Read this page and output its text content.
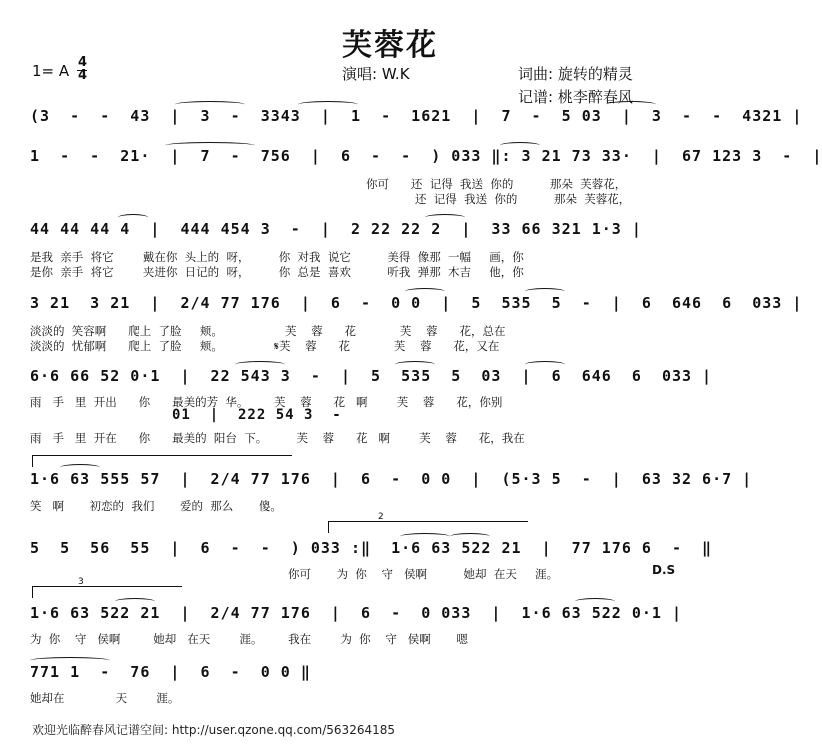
芙蓉花
1= A 4
4	演唱: W.K	词曲: 旋转的精灵
记谱: 桃李醉春风
(3  -  -  43  |  3  -  3343  |  1  -  1621  |  7  -  5 03  |  3  -  -  4321 |
1  -  -  21·  |  7  -  756  |  6  -  -  ) 033 ‖: 3 21 73 33·  |  67 123 3  -  |
你可      还  记得  我送  你的          那朵  芙蓉花，
还  记得  我送  你的          那朵  芙蓉花，
44 44 44 4  |  444 454 3  -  |  2 22 22 2  |  33 66 321 1·3 |
是我  亲手  将它        戴在你  头上的  呀，        你  对我  说它          美得  像那  一幅     画，你
是你  亲手  将它        夹进你  日记的  呀，        你  总是  喜欢          听我  弹那  木吉     他，你
3 21  3 21  |  2/4 77 176  |  6  -  0 0  |  5  535  5  -  |  6  646  6  033 |
淡淡的  笑容啊      爬上  了脸     颊。                 芙    蓉      花            芙    蓉      花，总在
淡淡的  忧郁啊      爬上  了脸     颊。              𝄋芙    蓉      花            芙    蓉      花，又在
6·6 66 52 0·1  |  22 543 3  -  |  5  535  5  03  |  6  646  6  033 |
雨   手   里  开出      你      最美的芳  华。       芙    蓉      花   啊        芙    蓉      花，你别
01  |  222 54 3  -
雨   手   里  开在      你      最美的  阳台  下。        芙    蓉      花   啊        芙    蓉      花，我在
1·6 63 555 57  |  2/4 77 176  |  6  -  0 0  |  (5·3 5  -  |  63 32 6·7 |
笑   啊       初恋的  我们       爱的  那么       傻。
2
5  5  56  55  |  6  -  -  ) 033 :‖  1·6 63 522 21  |  77 176 6  -  ‖
你可       为  你    守   侯啊          她却  在天     涯。	D.S
3
1·6 63 522 21  |  2/4 77 176  |  6  -  0 033  |  1·6 63 522 0·1 |
为  你    守   侯啊         她却   在天        涯。       我在        为  你    守   侯啊       嗯
771 1  -  76  |  6  -  0 0 ‖
她却在              天        涯。
欢迎光临醉春风记谱空间: http://user.qzone.qq.com/563264185
